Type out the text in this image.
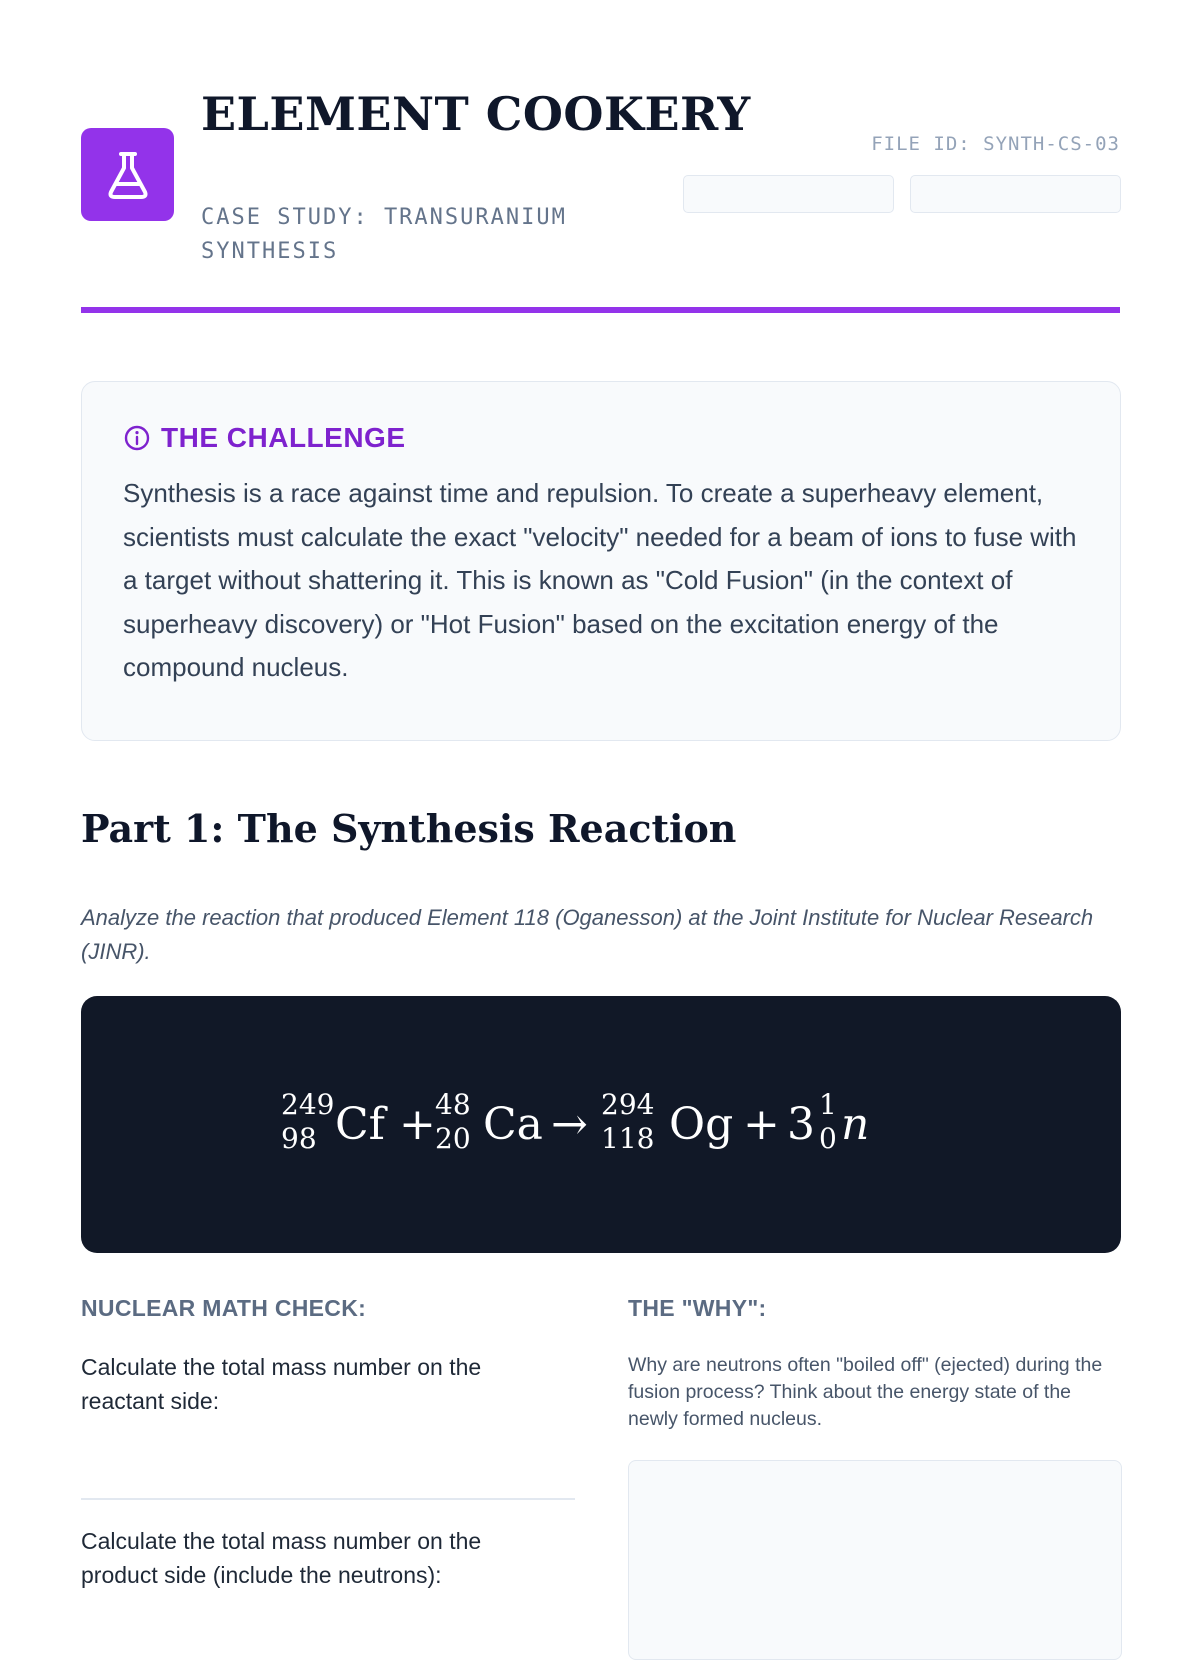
ELEMENT COOKERY
CASE STUDY: TRANSURANIUM SYNTHESIS
FILE ID: SYNTH-CS-03
THE CHALLENGE

Synthesis is a race against time and repulsion. To create a superheavy element, scientists must calculate the exact "velocity" needed for a beam of ions to fuse with a target without shattering it. This is known as "Cold Fusion" (in the context of superheavy discovery) or "Hot Fusion" based on the excitation energy of the compound nucleus.

Part 1: The Synthesis Reaction

Analyze the reaction that produced Element 118 (Oganesson) at the Joint Institute for Nuclear Research (JINR).

249
98 Cf + 48
20 Ca → 294
118 Og + 3 1
0 n
NUCLEAR MATH CHECK:
Calculate the total mass number on the reactant side:
Calculate the total mass number on the product side (include the neutrons):
THE "WHY":
Why are neutrons often "boiled off" (ejected) during the fusion process? Think about the energy state of the newly formed nucleus.
